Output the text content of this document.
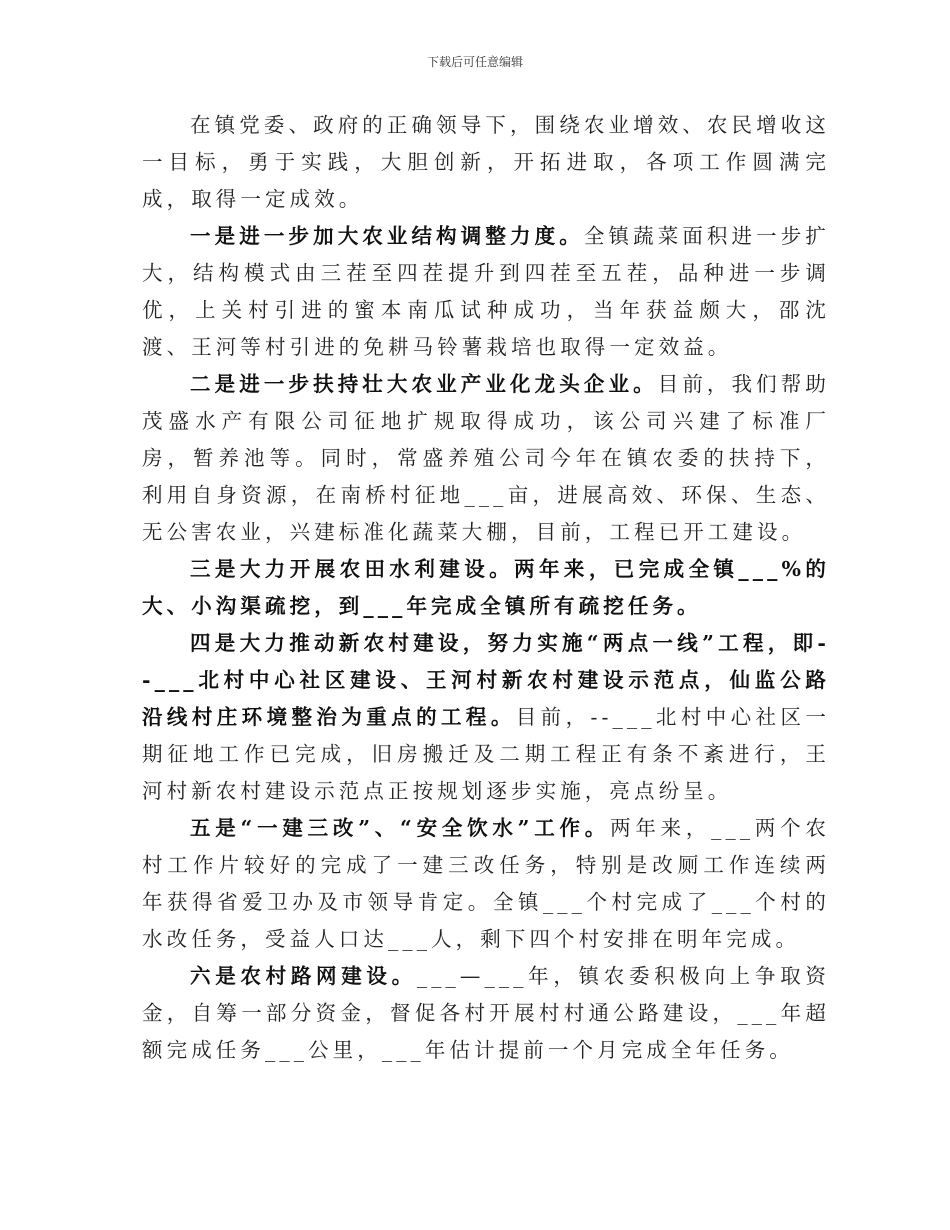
下载后可任意编辑

在镇党委、政府的正确领导下，围绕农业增效、农民增收这一目标，勇于实践，大胆创新，开拓进取，各项工作圆满完成，取得一定成效。

一是进一步加大农业结构调整力度。全镇蔬菜面积进一步扩大，结构模式由三茬至四茬提升到四茬至五茬，品种进一步调优，上关村引进的蜜本南瓜试种成功，当年获益颇大，邵沈渡、王河等村引进的免耕马铃薯栽培也取得一定效益。

二是进一步扶持壮大农业产业化龙头企业。目前，我们帮助茂盛水产有限公司征地扩规取得成功，该公司兴建了标准厂房，暂养池等。同时，常盛养殖公司今年在镇农委的扶持下，利用自身资源，在南桥村征地___亩，进展高效、环保、生态、无公害农业，兴建标准化蔬菜大棚，目前，工程已开工建设。

三是大力开展农田水利建设。两年来，已完成全镇___%的大、小沟渠疏挖，到___年完成全镇所有疏挖任务。

四是大力推动新农村建设，努力实施“两点一线”工程，即--___北村中心社区建设、王河村新农村建设示范点，仙监公路沿线村庄环境整治为重点的工程。目前，--___北村中心社区一期征地工作已完成，旧房搬迁及二期工程正有条不紊进行，王河村新农村建设示范点正按规划逐步实施，亮点纷呈。

五是“一建三改”、“安全饮水”工作。两年来，___两个农村工作片较好的完成了一建三改任务，特别是改厕工作连续两年获得省爱卫办及市领导肯定。全镇___个村完成了___个村的水改任务，受益人口达___人，剩下四个村安排在明年完成。

六是农村路网建设。___—___年，镇农委积极向上争取资金，自筹一部分资金，督促各村开展村村通公路建设，___年超额完成任务___公里，___年估计提前一个月完成全年任务。
